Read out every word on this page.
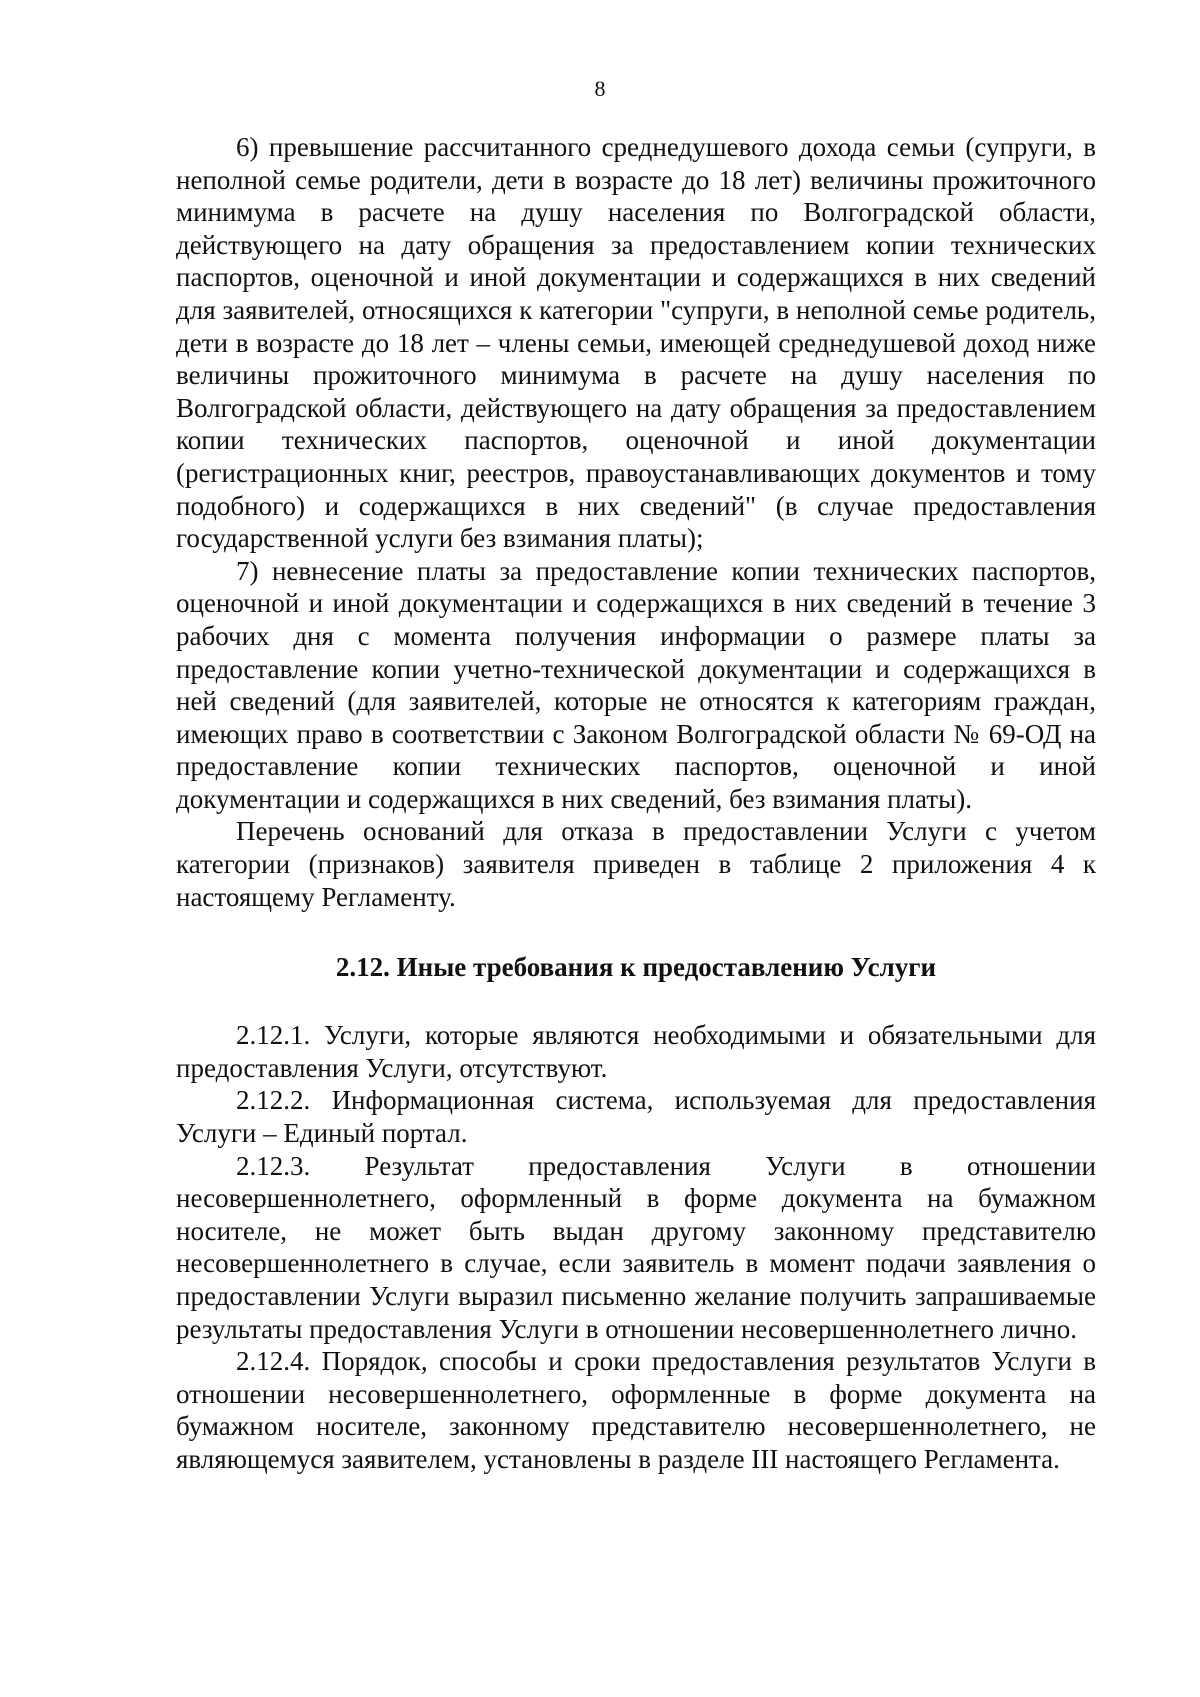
8

6) превышение рассчитанного среднедушевого дохода семьи (супруги, в неполной семье родители, дети в возрасте до 18 лет) величины прожиточного минимума в расчете на душу населения по Волгоградской области, действующего на дату обращения за предоставлением копии технических паспортов, оценочной и иной документации и содержащихся в них сведений для заявителей, относящихся к категории "супруги, в неполной семье родитель, дети в возрасте до 18 лет – члены семьи, имеющей среднедушевой доход ниже величины прожиточного минимума в расчете на душу населения по Волгоградской области, действующего на дату обращения за предоставлением копии технических паспортов, оценочной и иной документации (регистрационных книг, реестров, правоустанавливающих документов и тому подобного) и содержащихся в них сведений" (в случае предоставления государственной услуги без взимания платы);

7) невнесение платы за предоставление копии технических паспортов, оценочной и иной документации и содержащихся в них сведений в течение 3 рабочих дня с момента получения информации о размере платы за предоставление копии учетно-технической документации и содержащихся в ней сведений (для заявителей, которые не относятся к категориям граждан, имеющих право в соответствии с Законом Волгоградской области № 69-ОД на предоставление копии технических паспортов, оценочной и иной документации и содержащихся в них сведений, без взимания платы).

Перечень оснований для отказа в предоставлении Услуги с учетом категории (признаков) заявителя приведен в таблице 2 приложения 4 к настоящему Регламенту.

2.12. Иные требования к предоставлению Услуги

2.12.1. Услуги, которые являются необходимыми и обязательными для предоставления Услуги, отсутствуют.

2.12.2. Информационная система, используемая для предоставления Услуги – Единый портал.

2.12.3. Результат предоставления Услуги в отношении несовершеннолетнего, оформленный в форме документа на бумажном носителе, не может быть выдан другому законному представителю несовершеннолетнего в случае, если заявитель в момент подачи заявления о предоставлении Услуги выразил письменно желание получить запрашиваемые результаты предоставления Услуги в отношении несовершеннолетнего лично.

2.12.4. Порядок, способы и сроки предоставления результатов Услуги в отношении несовершеннолетнего, оформленные в форме документа на бумажном носителе, законному представителю несовершеннолетнего, не являющемуся заявителем, установлены в разделе III настоящего Регламента.
